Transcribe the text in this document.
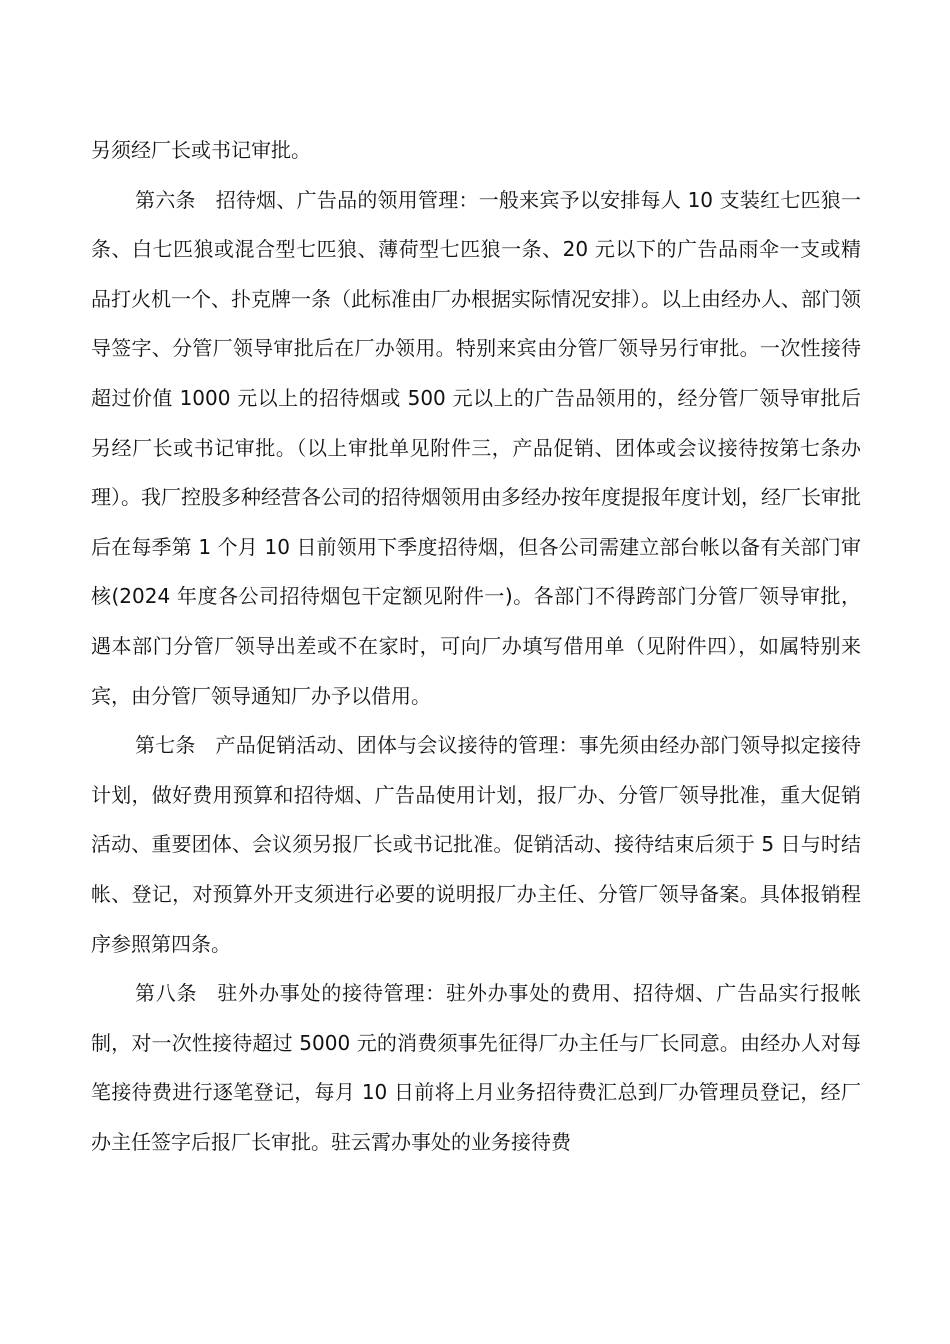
另须经厂长或书记审批。

第六条 招待烟、广告品的领用管理：一般来宾予以安排每人 10 支装红七匹狼一条、白七匹狼或混合型七匹狼、薄荷型七匹狼一条、20 元以下的广告品雨伞一支或精品打火机一个、扑克牌一条（此标准由厂办根据实际情况安排）。以上由经办人、部门领导签字、分管厂领导审批后在厂办领用。特别来宾由分管厂领导另行审批。一次性接待超过价值 1000 元以上的招待烟或 500 元以上的广告品领用的，经分管厂领导审批后另经厂长或书记审批。（以上审批单见附件三，产品促销、团体或会议接待按第七条办理）。我厂控股多种经营各公司的招待烟领用由多经办按年度提报年度计划，经厂长审批后在每季第 1 个月 10 日前领用下季度招待烟，但各公司需建立部台帐以备有关部门审核(2024 年度各公司招待烟包干定额见附件一)。各部门不得跨部门分管厂领导审批，遇本部门分管厂领导出差或不在家时，可向厂办填写借用单（见附件四），如属特别来宾，由分管厂领导通知厂办予以借用。

第七条 产品促销活动、团体与会议接待的管理：事先须由经办部门领导拟定接待计划，做好费用预算和招待烟、广告品使用计划，报厂办、分管厂领导批准，重大促销活动、重要团体、会议须另报厂长或书记批准。促销活动、接待结束后须于 5 日与时结帐、登记，对预算外开支须进行必要的说明报厂办主任、分管厂领导备案。具体报销程序参照第四条。

第八条 驻外办事处的接待管理：驻外办事处的费用、招待烟、广告品实行报帐制，对一次性接待超过 5000 元的消费须事先征得厂办主任与厂长同意。由经办人对每笔接待费进行逐笔登记，每月 10 日前将上月业务招待费汇总到厂办管理员登记，经厂办主任签字后报厂长审批。驻云霄办事处的业务接待费
